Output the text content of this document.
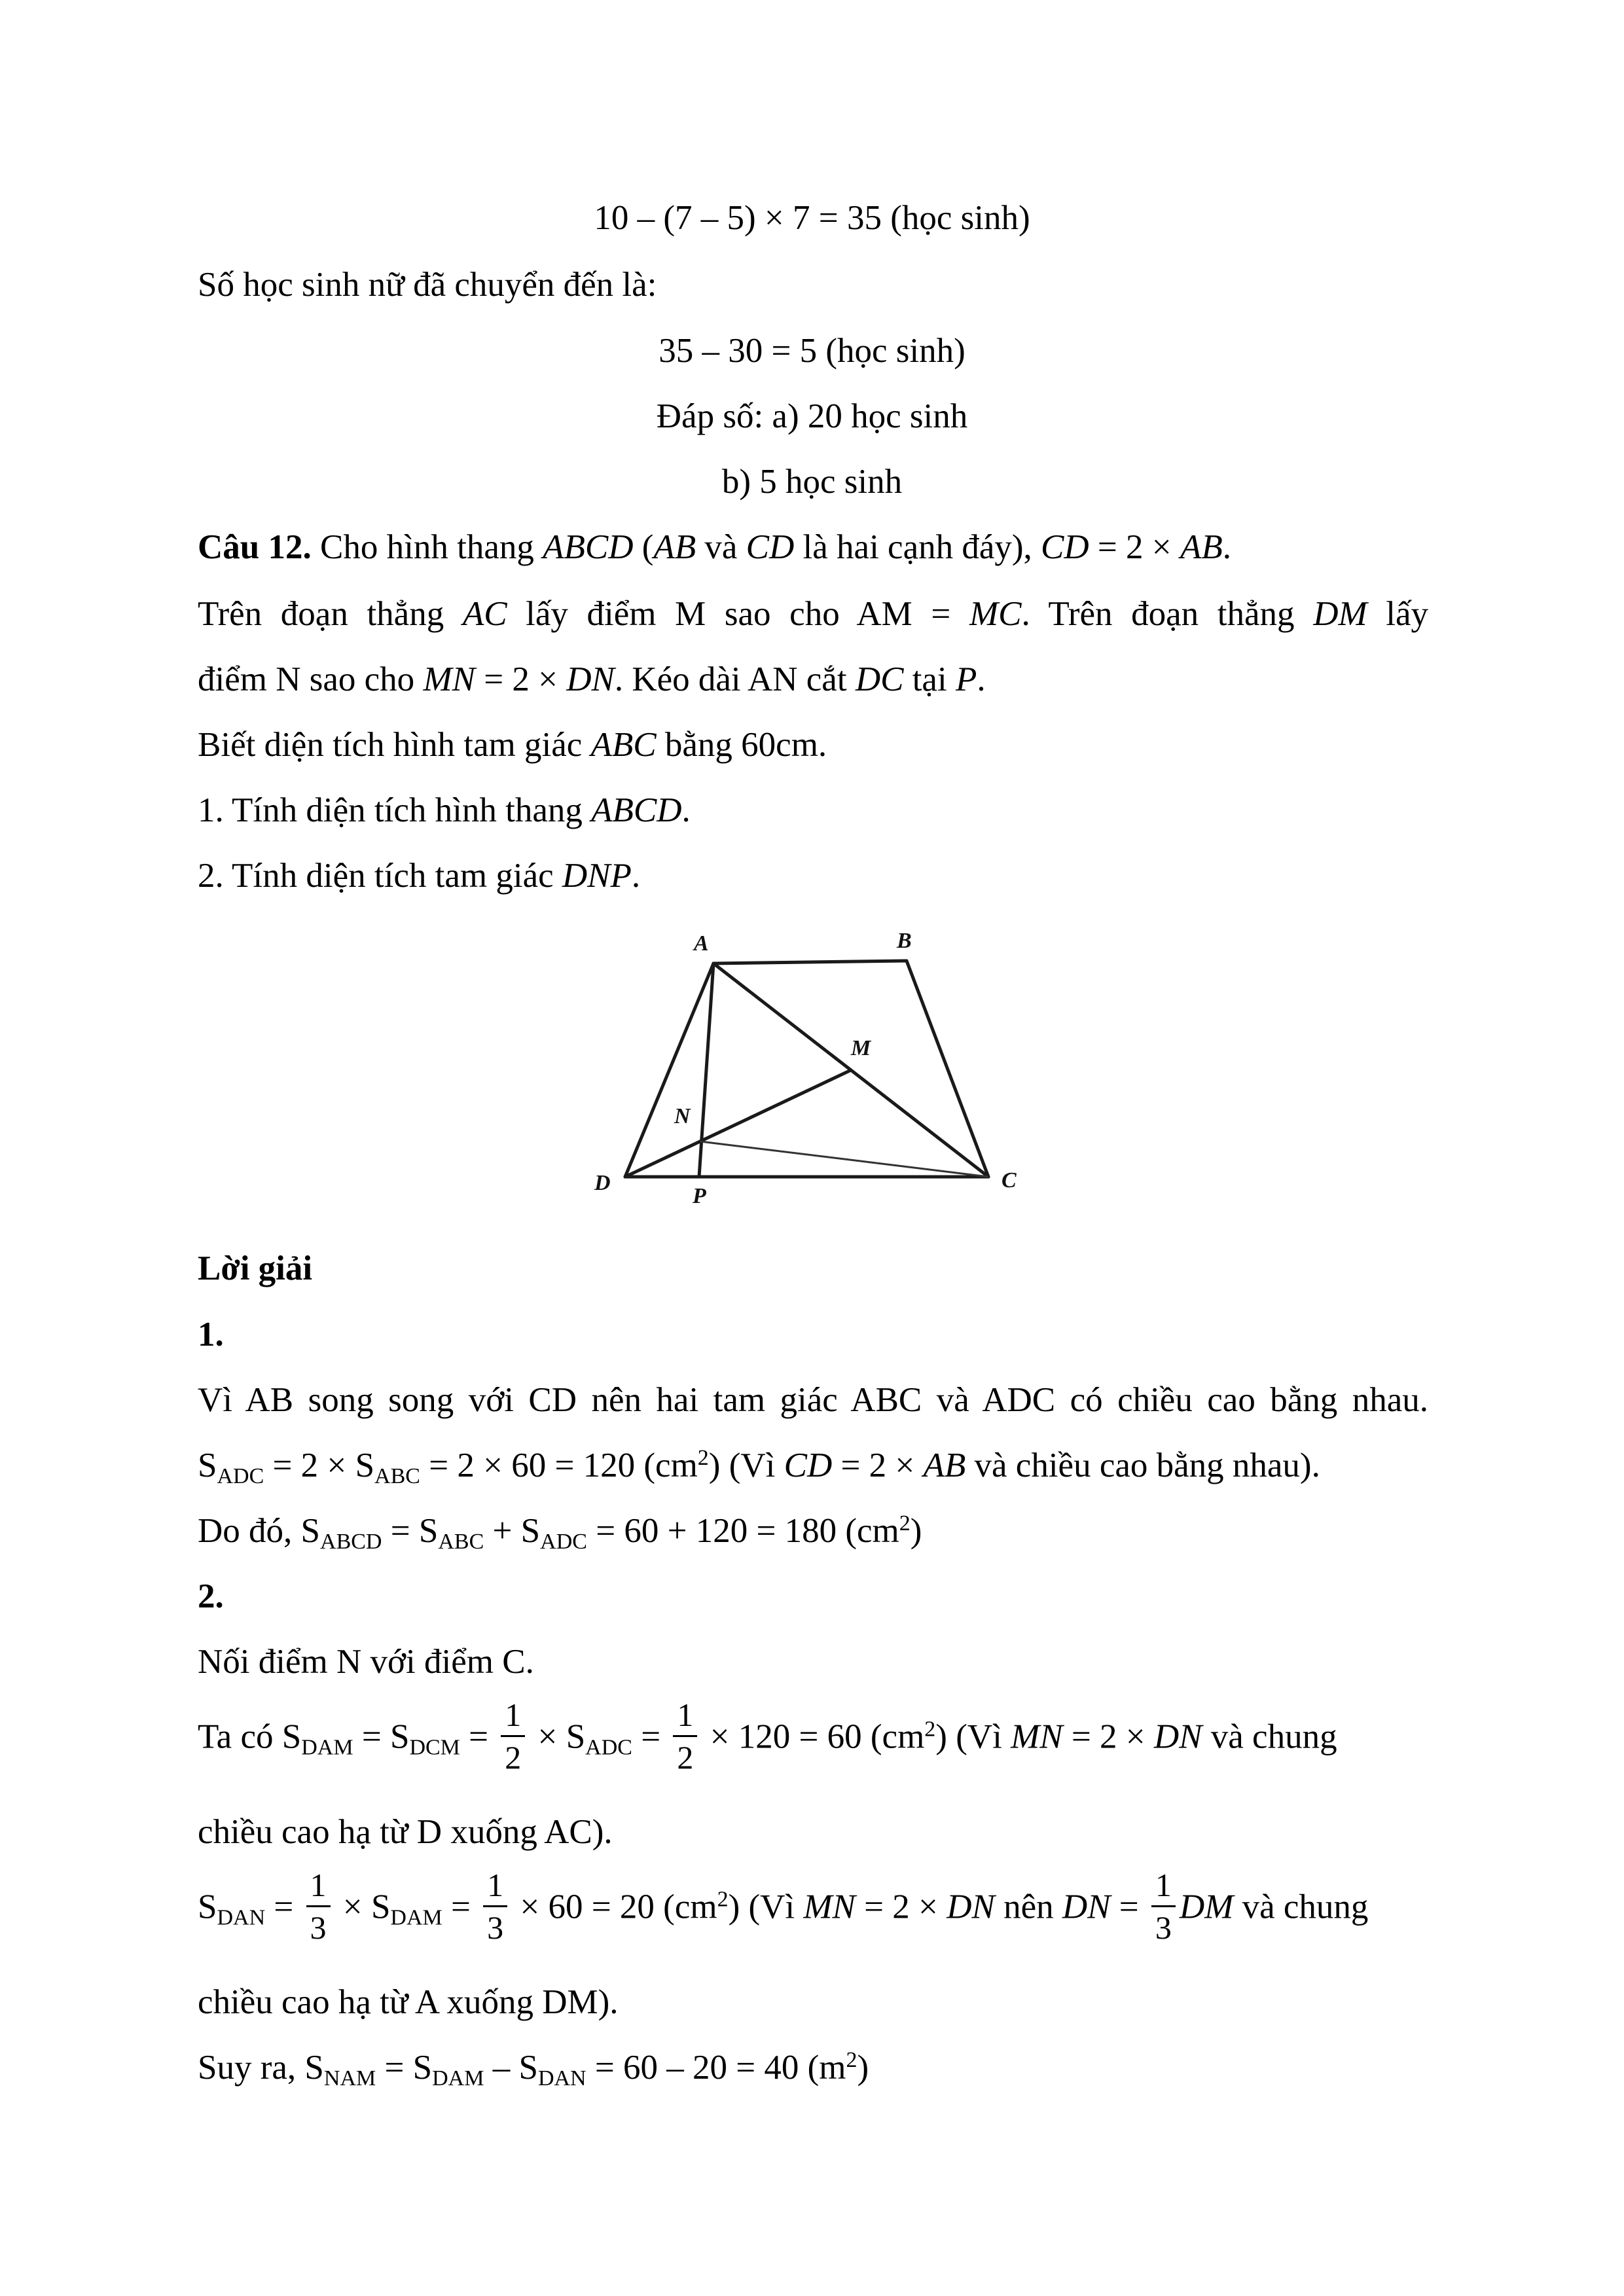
10 – (7 – 5) × 7 = 35 (học sinh)
Số học sinh nữ đã chuyển đến là:
35 – 30 = 5 (học sinh)
Đáp số: a) 20 học sinh
b) 5 học sinh
Câu 12. Cho hình thang ABCD (AB và CD là hai cạnh đáy), CD = 2 × AB.
Trên đoạn thẳng AC lấy điểm M sao cho AM = MC. Trên đoạn thẳng DM lấy
điểm N sao cho MN = 2 × DN. Kéo dài AN cắt DC tại P.
Biết diện tích hình tam giác ABC bằng 60cm.
1. Tính diện tích hình thang ABCD.
2. Tính diện tích tam giác DNP.
A	B
M
N
D
P
C
Lời giải
1.
Vì AB song song với CD nên hai tam giác ABC và ADC có chiều cao bằng nhau.
$S_{ADC} = 2 \times S_{ABC} = 2 \times 60 = 120$ $(cm^2)$ (Vì CD = 2 × AB và chiều cao bằng nhau).
Do đó, $S_{ABCD} = S_{ABC} + S_{ADC} = 60 + 120 = 180$ $(cm^2)$
2.
Nối điểm N với điểm C.
Ta có $S_{DAM} = S_{DCM} = \frac{1}{2} \times S_{ADC} = \frac{1}{2} \times 120 = 60$ $(cm^2)$ (Vì MN = 2 × DN và chung
chiều cao hạ từ D xuống AC).
$S_{DAN} = \frac{1}{3} \times S_{DAM} = \frac{1}{3} \times 60 = 20$ $(cm^2)$ (Vì MN = 2 × DN nên DN = $\frac{1}{3}$ DM và chung
chiều cao hạ từ A xuống DM).
Suy ra, $S_{NAM} = S_{DAM} - S_{DAN} = 60 - 20 = 40$ $(m^2)$
